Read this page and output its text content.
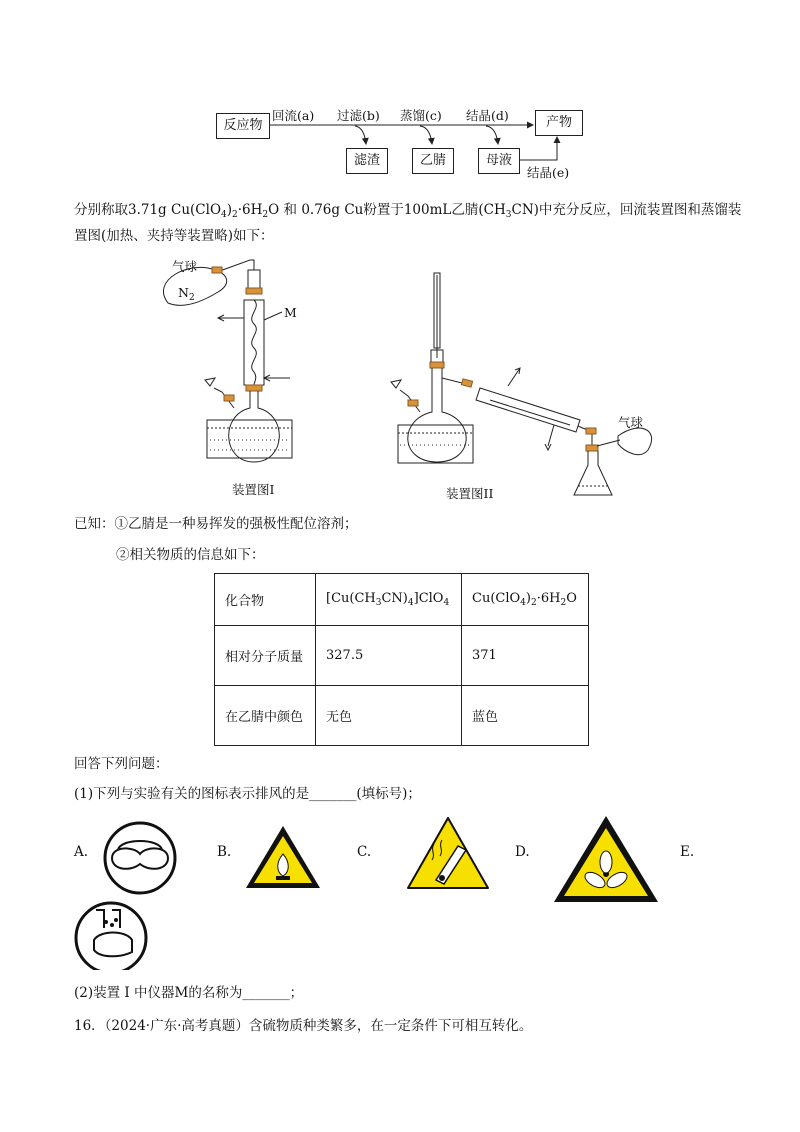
反应物
回流(a) 过滤(b) 蒸馏(c) 结晶(d)	产物
滤渣	乙腈	母液
结晶(e)
分别称取3.71g $Cu(ClO_4)_2\cdot 6H_2O$ 和 0.76g Cu粉置于100mL乙腈$(CH_3CN)$中充分反应，回流装置图和蒸馏装
置图(加热、夹持等装置略)如下：
气球
$N_2$
M
装置图I	装置图II
气球
已知：①乙腈是一种易挥发的强极性配位溶剂；
②相关物质的信息如下：
化合物	$[Cu(CH_3CN)_4]ClO_4$	$Cu(ClO_4)_2\cdot 6H_2O$
相对分子质量	327.5	371
在乙腈中颜色	无色	蓝色
回答下列问题：
(1)下列与实验有关的图标表示排风的是_______(填标号)；
A.	B.	C.	D.	E.
(2)装置 I 中仪器M的名称为_______；
16．（2024·广东·高考真题）含硫物质种类繁多，在一定条件下可相互转化。
